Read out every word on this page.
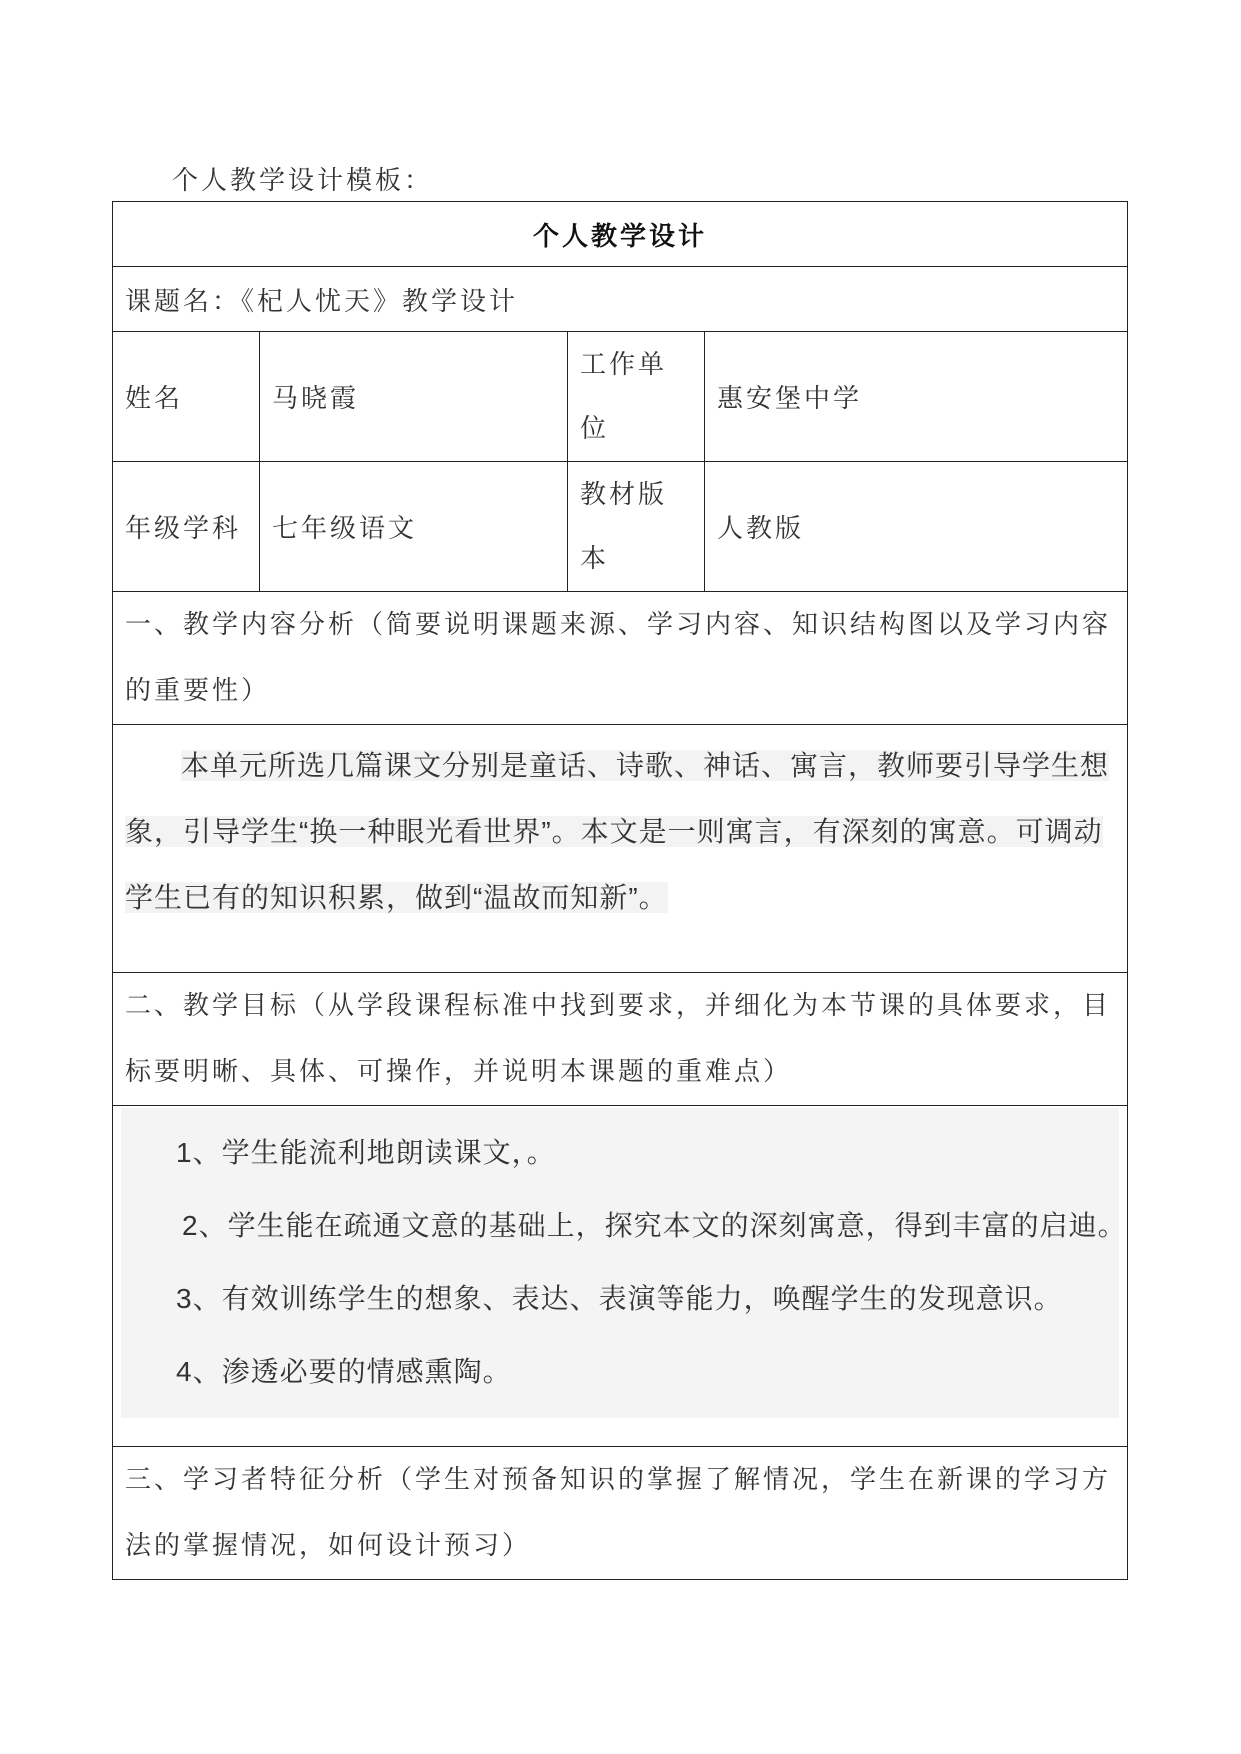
个人教学设计模板：
个人教学设计			
课题名：《杞人忧天》教学设计			
姓名	马晓霞	工作单位	惠安堡中学
年级学科	七年级语文	教材版本	人教版
一、教学内容分析（简要说明课题来源、学习内容、知识结构图以及学习内容的重要性）			

本单元所选几篇课文分别是童话、诗歌、神话、寓言，教师要引导学生想象，引导学生“换一种眼光看世界”。本文是一则寓言，有深刻的寓意。可调动学生已有的知识积累，做到“温故而知新”。			

二、教学目标（从学段课程标准中找到要求，并细化为本节课的具体要求，目标要明晰、具体、可操作，并说明本课题的重难点）			

1、学生能流利地朗读课文，。
2、学生能在疏通文意的基础上，探究本文的深刻寓意，得到丰富的启迪。
3、有效训练学生的想象、表达、表演等能力，唤醒学生的发现意识。
4、渗透必要的情感熏陶。			

三、学习者特征分析（学生对预备知识的掌握了解情况，学生在新课的学习方法的掌握情况，如何设计预习）			
